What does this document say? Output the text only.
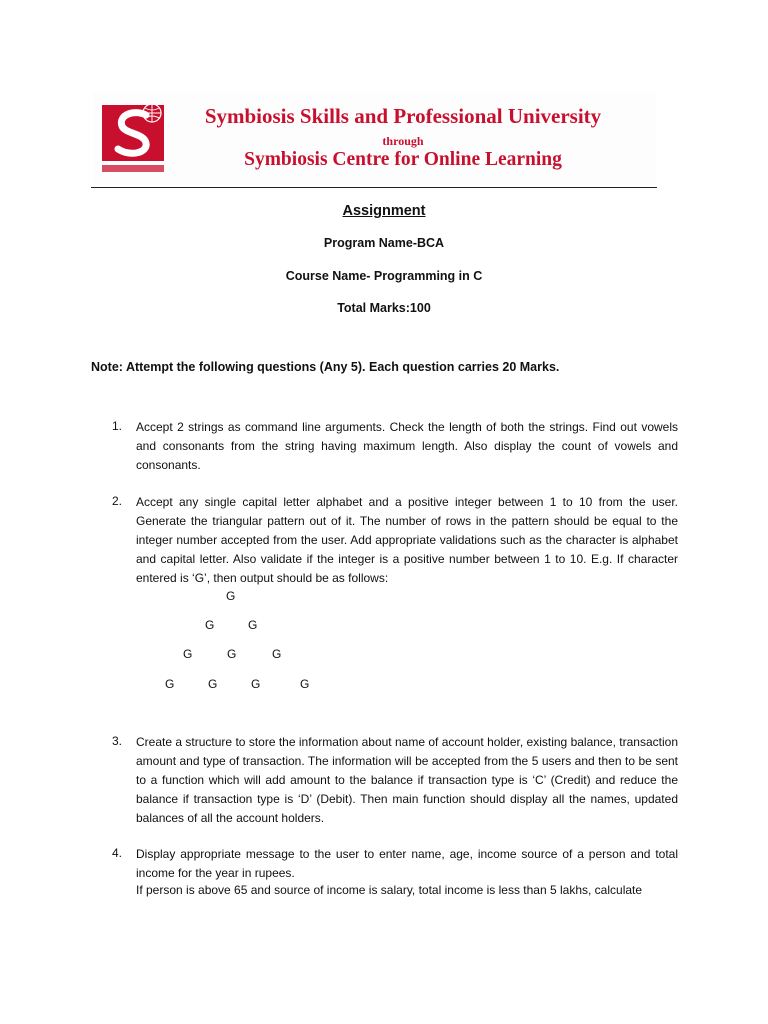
Symbiosis Skills and Professional University
through
Symbiosis Centre for Online Learning
Assignment
Program Name-BCA
Course Name- Programming in C
Total Marks:100
Note: Attempt the following questions (Any 5). Each question carries 20 Marks.
1.	Accept 2 strings as command line arguments. Check the length of both the strings. Find out vowels and consonants from the string having maximum length. Also display the count of vowels and consonants.
2.	Accept any single capital letter alphabet and a positive integer between 1 to 10 from the user. Generate the triangular pattern out of it. The number of rows in the pattern should be equal to the integer number accepted from the user. Add appropriate validations such as the character is alphabet and capital letter. Also validate if the integer is a positive number between 1 to 10. E.g. If character entered is ‘G’, then output should be as follows:
G
G	G
G	G	G
G	G	G	G
3.	Create a structure to store the information about name of account holder, existing balance, transaction amount and type of transaction. The information will be accepted from the 5 users and then to be sent to a function which will add amount to the balance if transaction type is ‘C’ (Credit) and reduce the balance if transaction type is ‘D’ (Debit). Then main function should display all the names, updated balances of all the account holders.
4.	Display appropriate message to the user to enter name, age, income source of a person and total income for the year in rupees.
If person is above 65 and source of income is salary, total income is less than 5 lakhs, calculate
